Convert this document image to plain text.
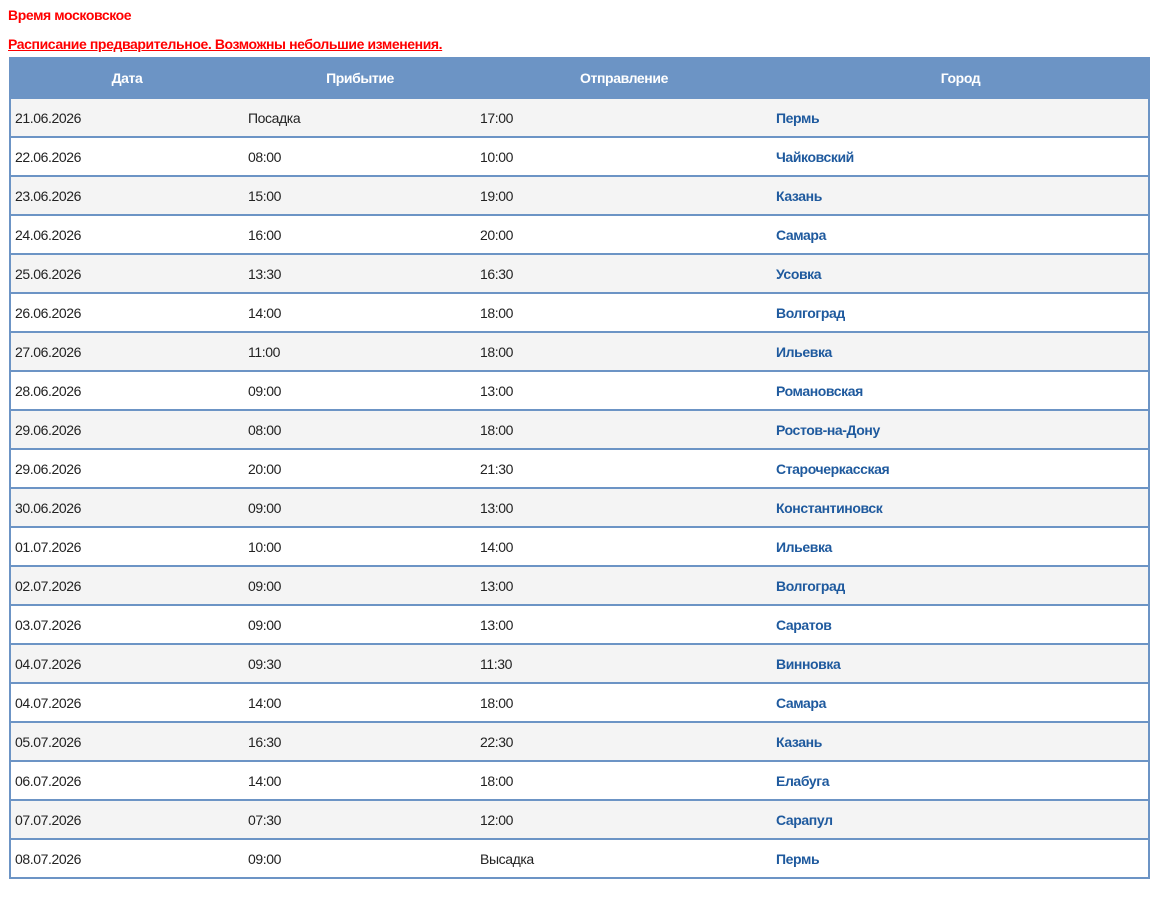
Время московское
Расписание предварительное. Возможны небольшие изменения.
Дата	Прибытие	Отправление	Город
21.06.2026	Посадка	17:00	Пермь
22.06.2026	08:00	10:00	Чайковский
23.06.2026	15:00	19:00	Казань
24.06.2026	16:00	20:00	Самара
25.06.2026	13:30	16:30	Усовка
26.06.2026	14:00	18:00	Волгоград
27.06.2026	11:00	18:00	Ильевка
28.06.2026	09:00	13:00	Романовская
29.06.2026	08:00	18:00	Ростов-на-Дону
29.06.2026	20:00	21:30	Старочеркасская
30.06.2026	09:00	13:00	Константиновск
01.07.2026	10:00	14:00	Ильевка
02.07.2026	09:00	13:00	Волгоград
03.07.2026	09:00	13:00	Саратов
04.07.2026	09:30	11:30	Винновка
04.07.2026	14:00	18:00	Самара
05.07.2026	16:30	22:30	Казань
06.07.2026	14:00	18:00	Елабуга
07.07.2026	07:30	12:00	Сарапул
08.07.2026	09:00	Высадка	Пермь
